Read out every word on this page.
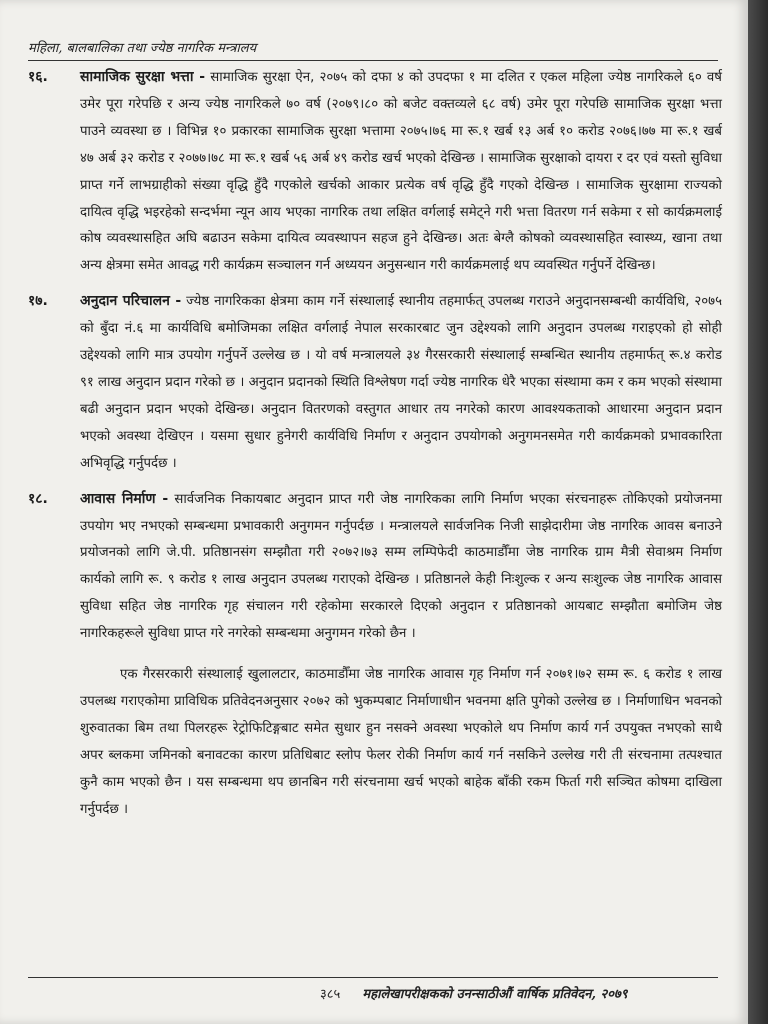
महिला, बालबालिका तथा ज्येष्ठ नागरिक मन्त्रालय
१६. सामाजिक सुरक्षा भत्ता - सामाजिक सुरक्षा ऐन, २०७५ को दफा ४ को उपदफा १ मा दलित र एकल महिला ज्येष्ठ नागरिकले ६० वर्ष उमेर पूरा गरेपछि र अन्य ज्येष्ठ नागरिकले ७० वर्ष (२०७९।८० को बजेट वक्तव्यले ६८ वर्ष) उमेर पूरा गरेपछि सामाजिक सुरक्षा भत्ता पाउने व्यवस्था छ । विभिन्न १० प्रकारका सामाजिक सुरक्षा भत्तामा २०७५।७६ मा रू.१ खर्ब १३ अर्ब १० करोड २०७६।७७ मा रू.१ खर्ब ४७ अर्ब ३२ करोड र २०७७।७८ मा रू.१ खर्ब ५६ अर्ब ४९ करोड खर्च भएको देखिन्छ । सामाजिक सुरक्षाको दायरा र दर एवं यस्तो सुविधा प्राप्त गर्ने लाभग्राहीको संख्या वृद्धि हुँदै गएकोले खर्चको आकार प्रत्येक वर्ष वृद्धि हुँदै गएको देखिन्छ । सामाजिक सुरक्षामा राज्यको दायित्व वृद्धि भइरहेको सन्दर्भमा न्यून आय भएका नागरिक तथा लक्षित वर्गलाई समेट्ने गरी भत्ता वितरण गर्न सकेमा र सो कार्यक्रमलाई कोष व्यवस्थासहित अघि बढाउन सकेमा दायित्व व्यवस्थापन सहज हुने देखिन्छ। अतः बेग्लै कोषको व्यवस्थासहित स्वास्थ्य, खाना तथा अन्य क्षेत्रमा समेत आवद्ध गरी कार्यक्रम सञ्चालन गर्न अध्ययन अनुसन्धान गरी कार्यक्रमलाई थप व्यवस्थित गर्नुपर्ने देखिन्छ।
१७. अनुदान परिचालन - ज्येष्ठ नागरिकका क्षेत्रमा काम गर्ने संस्थालाई स्थानीय तहमार्फत् उपलब्ध गराउने अनुदानसम्बन्धी कार्यविधि, २०७५ को बुँदा नं.६ मा कार्यविधि बमोजिमका लक्षित वर्गलाई नेपाल सरकारबाट जुन उद्देश्यको लागि अनुदान उपलब्ध गराइएको हो सोही उद्देश्यको लागि मात्र उपयोग गर्नुपर्ने उल्लेख छ । यो वर्ष मन्त्रालयले ३४ गैरसरकारी संस्थालाई सम्बन्धित स्थानीय तहमार्फत् रू.४ करोड ९१ लाख अनुदान प्रदान गरेको छ । अनुदान प्रदानको स्थिति विश्लेषण गर्दा ज्येष्ठ नागरिक धेरै भएका संस्थामा कम र कम भएको संस्थामा बढी अनुदान प्रदान भएको देखिन्छ। अनुदान वितरणको वस्तुगत आधार तय नगरेको कारण आवश्यकताको आधारमा अनुदान प्रदान भएको अवस्था देखिएन । यसमा सुधार हुनेगरी कार्यविधि निर्माण र अनुदान उपयोगको अनुगमनसमेत गरी कार्यक्रमको प्रभावकारिता अभिवृद्धि गर्नुपर्दछ ।
१८. आवास निर्माण - सार्वजनिक निकायबाट अनुदान प्राप्त गरी जेष्ठ नागरिकका लागि निर्माण भएका संरचनाहरू तोकिएको प्रयोजनमा उपयोग भए नभएको सम्बन्धमा प्रभावकारी अनुगमन गर्नुपर्दछ । मन्त्रालयले सार्वजनिक निजी साझेदारीमा जेष्ठ नागरिक आवस बनाउने प्रयोजनको लागि जे.पी. प्रतिष्ठानसंग सम्झौता गरी २०७२।७३ सम्म लम्पिफेदी काठमाडौँमा जेष्ठ नागरिक ग्राम मैत्री सेवाश्रम निर्माण कार्यको लागि रू. ९ करोड १ लाख अनुदान उपलब्ध गराएको देखिन्छ । प्रतिष्ठानले केही निःशुल्क र अन्य सःशुल्क जेष्ठ नागरिक आवास सुविधा सहित जेष्ठ नागरिक गृह संचालन गरी रहेकोमा सरकारले दिएको अनुदान र प्रतिष्ठानको आयबाट सम्झौता बमोजिम जेष्ठ नागरिकहरूले सुविधा प्राप्त गरे नगरेको सम्बन्धमा अनुगमन गरेको छैन ।
एक गैरसरकारी संस्थालाई खुलालटार, काठमाडौँमा जेष्ठ नागरिक आवास गृह निर्माण गर्न २०७१।७२ सम्म रू. ६ करोड १ लाख उपलब्ध गराएकोमा प्राविधिक प्रतिवेदनअनुसार २०७२ को भुकम्पबाट निर्माणाधीन भवनमा क्षति पुगेको उल्लेख छ । निर्माणाधिन भवनको शुरुवातका बिम तथा पिलरहरू रेट्रोफिटिङ्गबाट समेत सुधार हुन नसक्ने अवस्था भएकोले थप निर्माण कार्य गर्न उपयुक्त नभएको साथै अपर ब्लकमा जमिनको बनावटका कारण प्रतिधिबाट स्लोप फेलर रोकी निर्माण कार्य गर्न नसकिने उल्लेख गरी ती संरचनामा तत्पश्चात कुनै काम भएको छैन । यस सम्बन्धमा थप छानबिन गरी संरचनामा खर्च भएको बाहेक बाँकी रकम फिर्ता गरी सञ्चित कोषमा दाखिला गर्नुपर्दछ ।
३८५ महालेखापरीक्षकको उनन्साठीऔं वार्षिक प्रतिवेदन, २०७९
